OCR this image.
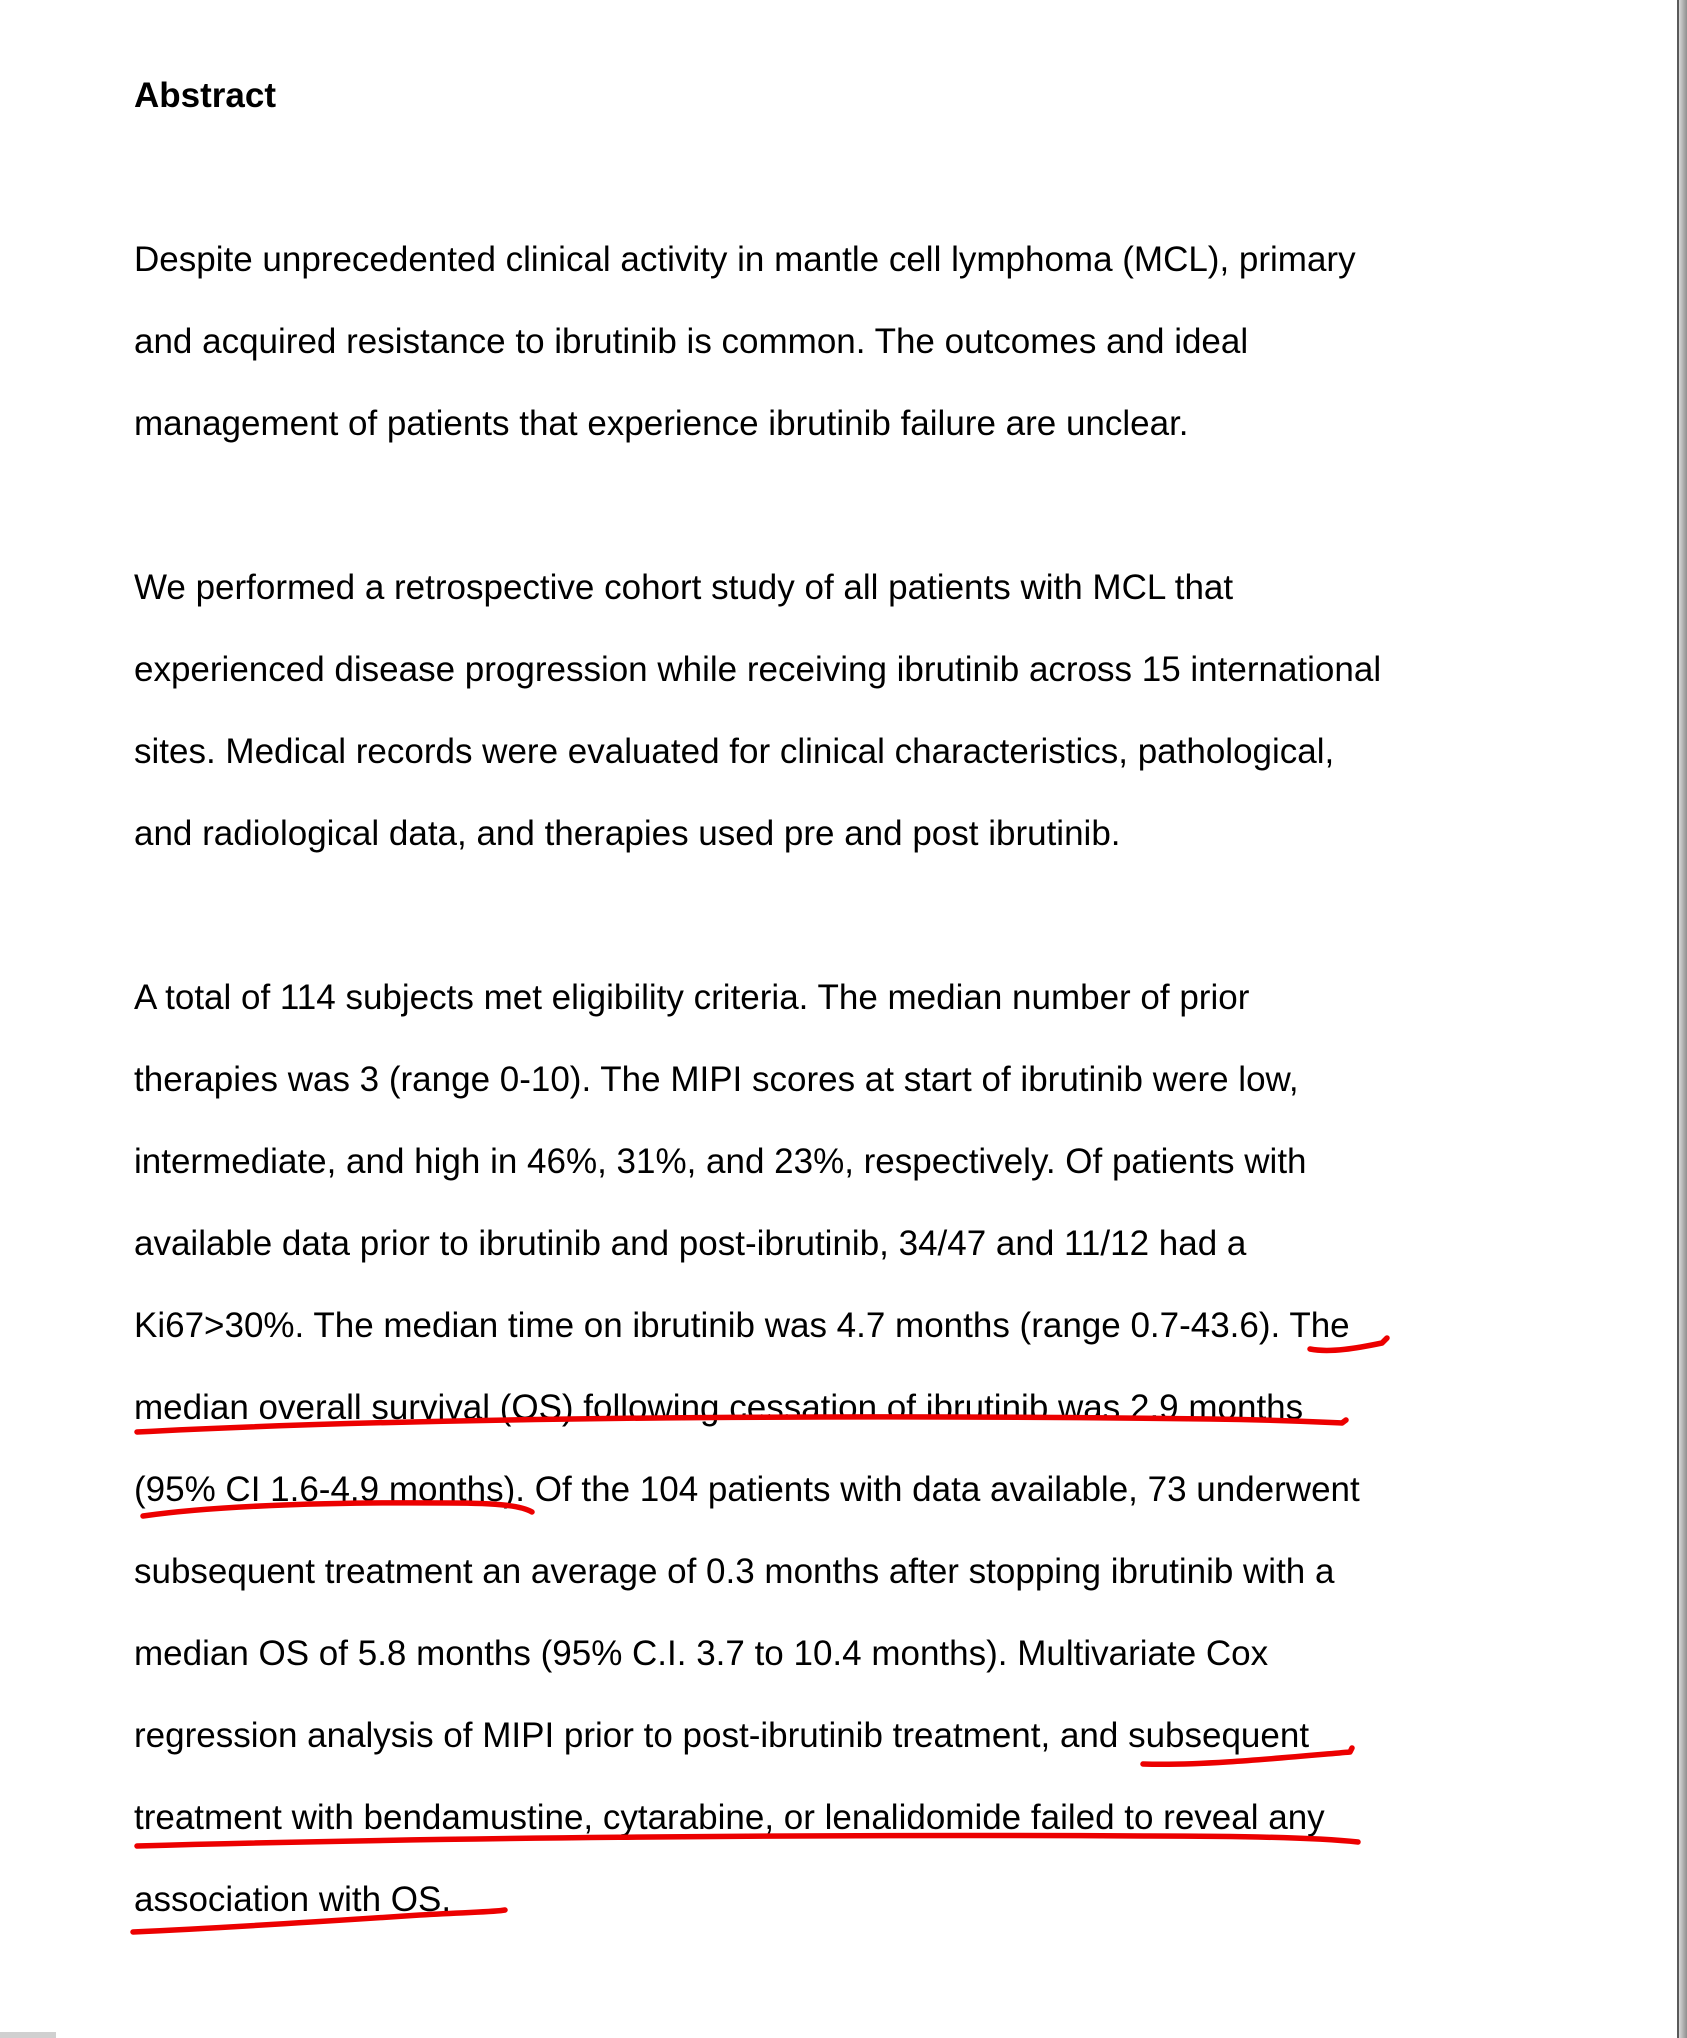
Abstract

Despite unprecedented clinical activity in mantle cell lymphoma (MCL), primary

and acquired resistance to ibrutinib is common. The outcomes and ideal

management of patients that experience ibrutinib failure are unclear.

We performed a retrospective cohort study of all patients with MCL that

experienced disease progression while receiving ibrutinib across 15 international

sites. Medical records were evaluated for clinical characteristics, pathological,

and radiological data, and therapies used pre and post ibrutinib.

A total of 114 subjects met eligibility criteria. The median number of prior

therapies was 3 (range 0-10). The MIPI scores at start of ibrutinib were low,

intermediate, and high in 46%, 31%, and 23%, respectively. Of patients with

available data prior to ibrutinib and post-ibrutinib, 34/47 and 11/12 had a

Ki67>30%. The median time on ibrutinib was 4.7 months (range 0.7-43.6). The

median overall survival (OS) following cessation of ibrutinib was 2.9 months

(95% CI 1.6-4.9 months). Of the 104 patients with data available, 73 underwent

subsequent treatment an average of 0.3 months after stopping ibrutinib with a

median OS of 5.8 months (95% C.I. 3.7 to 10.4 months). Multivariate Cox

regression analysis of MIPI prior to post-ibrutinib treatment, and subsequent

treatment with bendamustine, cytarabine, or lenalidomide failed to reveal any

association with OS.
